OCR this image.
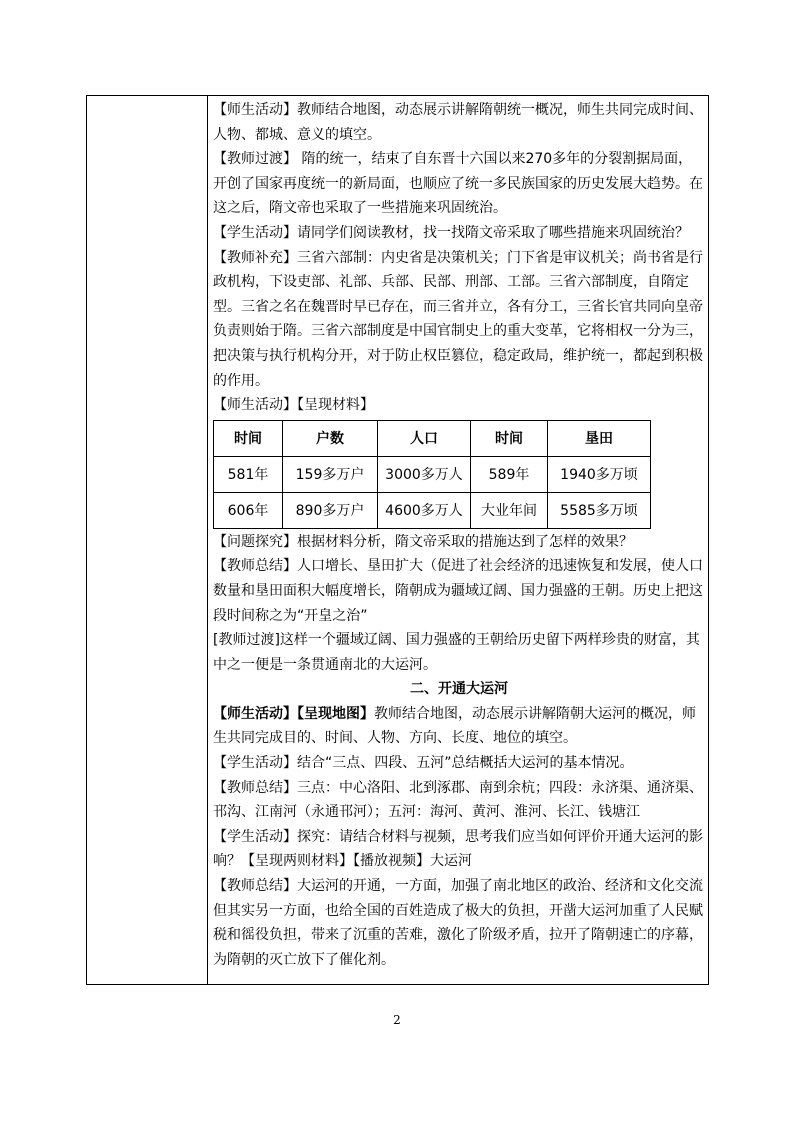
【师生活动】教师结合地图，动态展示讲解隋朝统一概况，师生共同完成时间、人物、都城、意义的填空。

【教师过渡】 隋的统一，结束了自东晋十六国以来270多年的分裂割据局面，开创了国家再度统一的新局面，也顺应了统一多民族国家的历史发展大趋势。在这之后，隋文帝也采取了一些措施来巩固统治。

【学生活动】请同学们阅读教材，找一找隋文帝采取了哪些措施来巩固统治？

【教师补充】三省六部制：内史省是决策机关；门下省是审议机关；尚书省是行政机构，下设吏部、礼部、兵部、民部、刑部、工部。三省六部制度，自隋定型。三省之名在魏晋时早已存在，而三省并立，各有分工，三省长官共同向皇帝负责则始于隋。三省六部制度是中国官制史上的重大变革，它将相权一分为三，把决策与执行机构分开，对于防止权臣篡位，稳定政局，维护统一，都起到积极的作用。

【师生活动】【呈现材料】

时间	户数	人口	时间	垦田
581年	159多万户	3000多万人	589年	1940多万顷
606年	890多万户	4600多万人	大业年间	5585多万顷

【问题探究】根据材料分析，隋文帝采取的措施达到了怎样的效果？

【教师总结】人口增长、垦田扩大（促进了社会经济的迅速恢复和发展，使人口数量和垦田面积大幅度增长，隋朝成为疆域辽阔、国力强盛的王朝。历史上把这段时间称之为“开皇之治”

[教师过渡]这样一个疆域辽阔、国力强盛的王朝给历史留下两样珍贵的财富，其中之一便是一条贯通南北的大运河。

二、开通大运河

【师生活动】【呈现地图】教师结合地图，动态展示讲解隋朝大运河的概况，师生共同完成目的、时间、人物、方向、长度、地位的填空。

【学生活动】结合“三点、四段、五河”总结概括大运河的基本情况。

【教师总结】三点：中心洛阳、北到涿郡、南到余杭；四段：永济渠、通济渠、邗沟、江南河（永通邗河）；五河：海河、黄河、淮河、长江、钱塘江

【学生活动】探究：请结合材料与视频，思考我们应当如何评价开通大运河的影响？【呈现两则材料】【播放视频】大运河

【教师总结】大运河的开通，一方面，加强了南北地区的政治、经济和文化交流但其实另一方面，也给全国的百姓造成了极大的负担，开凿大运河加重了人民赋税和徭役负担，带来了沉重的苦难，激化了阶级矛盾，拉开了隋朝速亡的序幕，为隋朝的灭亡放下了催化剂。

2
